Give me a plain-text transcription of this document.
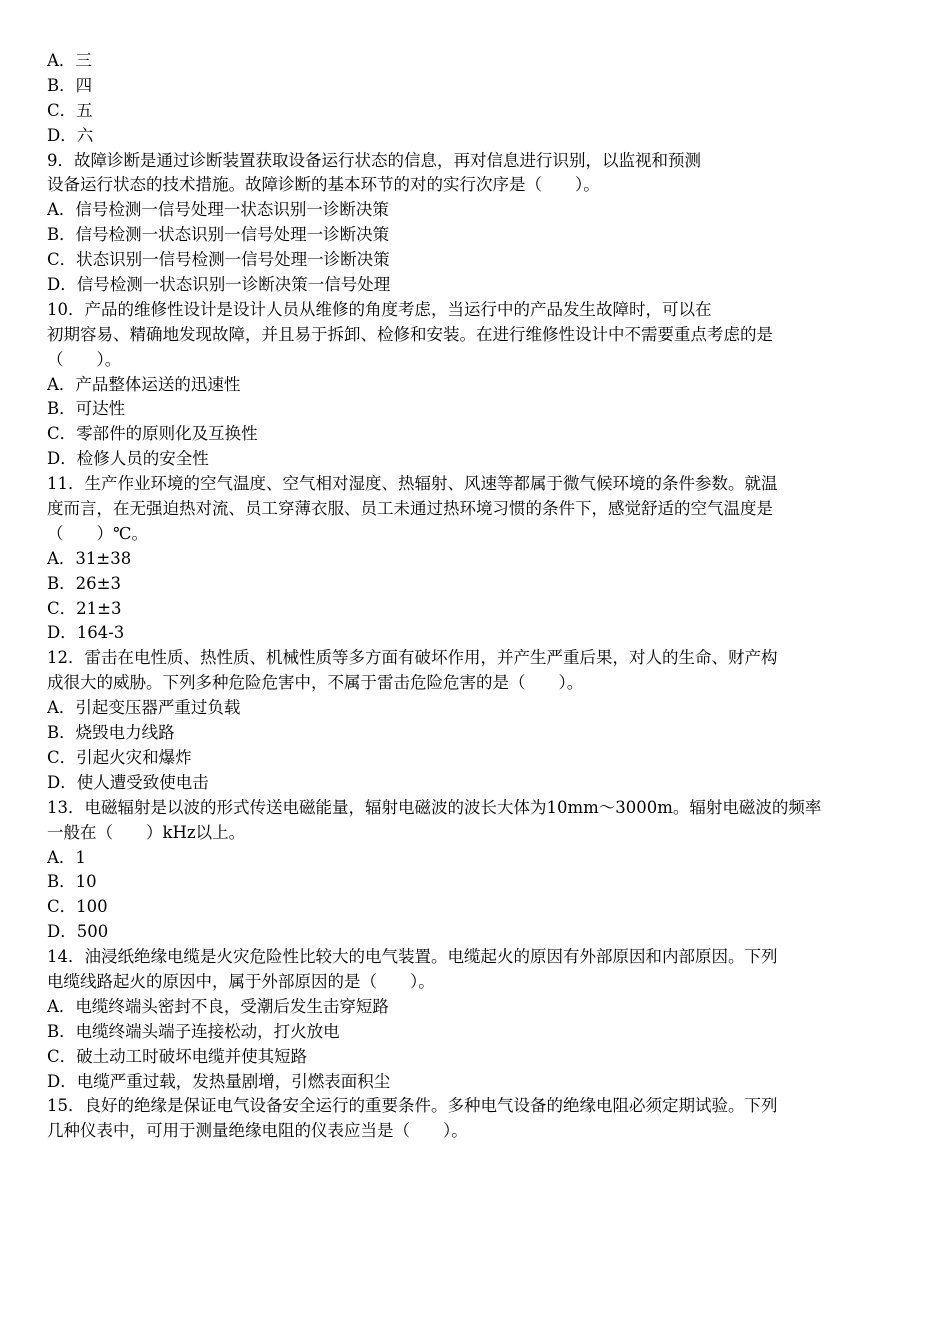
A．三
B．四
C．五
D．六
9．故障诊断是通过诊断装置获取设备运行状态的信息，再对信息进行识别，以监视和预测
设备运行状态的技术措施。故障诊断的基本环节的对的实行次序是（　　）。
A．信号检测一信号处理一状态识别一诊断决策
B．信号检测一状态识别一信号处理一诊断决策
C．状态识别一信号检测一信号处理一诊断决策
D．信号检测一状态识别一诊断决策一信号处理
10．产品的维修性设计是设计人员从维修的角度考虑，当运行中的产品发生故障时，可以在
初期容易、精确地发现故障，并且易于拆卸、检修和安装。在进行维修性设计中不需要重点考虑的是
（　　）。
A．产品整体运送的迅速性
B．可达性
C．零部件的原则化及互换性
D．检修人员的安全性
11．生产作业环境的空气温度、空气相对湿度、热辐射、风速等都属于微气候环境的条件参数。就温
度而言，在无强迫热对流、员工穿薄衣服、员工未通过热环境习惯的条件下，感觉舒适的空气温度是
（　　）℃。
A．31±38
B．26±3
C．21±3
D．164-3
12．雷击在电性质、热性质、机械性质等多方面有破坏作用，并产生严重后果，对人的生命、财产构
成很大的威胁。下列多种危险危害中，不属于雷击危险危害的是（　　）。
A．引起变压器严重过负载
B．烧毁电力线路
C．引起火灾和爆炸
D．使人遭受致使电击
13．电磁辐射是以波的形式传送电磁能量，辐射电磁波的波长大体为10mm～3000m。辐射电磁波的频率
一般在（　　）kHz以上。
A．1
B．10
C．100
D．500
14．油浸纸绝缘电缆是火灾危险性比较大的电气装置。电缆起火的原因有外部原因和内部原因。下列
电缆线路起火的原因中，属于外部原因的是（　　）。
A．电缆终端头密封不良，受潮后发生击穿短路
B．电缆终端头端子连接松动，打火放电
C．破土动工时破坏电缆并使其短路
D．电缆严重过载，发热量剧增，引燃表面积尘
15．良好的绝缘是保证电气设备安全运行的重要条件。多种电气设备的绝缘电阻必须定期试验。下列
几种仪表中，可用于测量绝缘电阻的仪表应当是（　　）。
